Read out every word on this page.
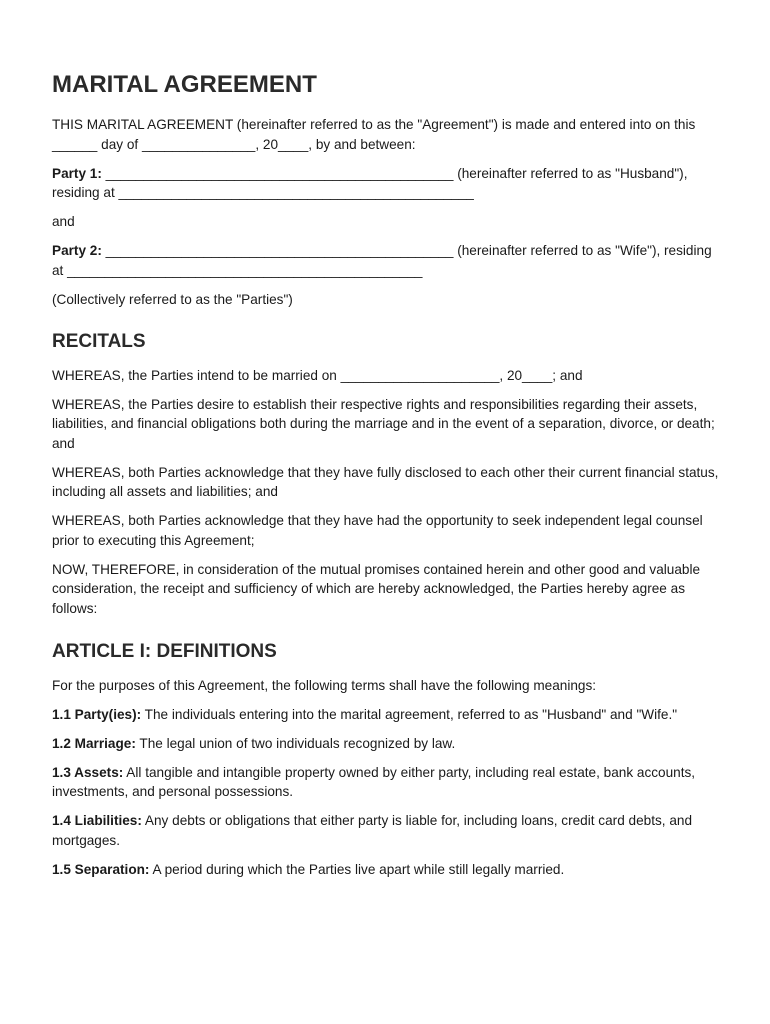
MARITAL AGREEMENT

THIS MARITAL AGREEMENT (hereinafter referred to as the "Agreement") is made and entered into on this ______ day of _______________, 20____, by and between:

Party 1: ______________________________________________ (hereinafter referred to as "Husband"), residing at _______________________________________________

and

Party 2: ______________________________________________ (hereinafter referred to as "Wife"), residing at _______________________________________________

(Collectively referred to as the "Parties")

RECITALS

WHEREAS, the Parties intend to be married on _____________________, 20____; and

WHEREAS, the Parties desire to establish their respective rights and responsibilities regarding their assets, liabilities, and financial obligations both during the marriage and in the event of a separation, divorce, or death; and

WHEREAS, both Parties acknowledge that they have fully disclosed to each other their current financial status, including all assets and liabilities; and

WHEREAS, both Parties acknowledge that they have had the opportunity to seek independent legal counsel prior to executing this Agreement;

NOW, THEREFORE, in consideration of the mutual promises contained herein and other good and valuable consideration, the receipt and sufficiency of which are hereby acknowledged, the Parties hereby agree as follows:

ARTICLE I: DEFINITIONS

For the purposes of this Agreement, the following terms shall have the following meanings:

1.1 Party(ies): The individuals entering into the marital agreement, referred to as "Husband" and "Wife."

1.2 Marriage: The legal union of two individuals recognized by law.

1.3 Assets: All tangible and intangible property owned by either party, including real estate, bank accounts, investments, and personal possessions.

1.4 Liabilities: Any debts or obligations that either party is liable for, including loans, credit card debts, and mortgages.

1.5 Separation: A period during which the Parties live apart while still legally married.
